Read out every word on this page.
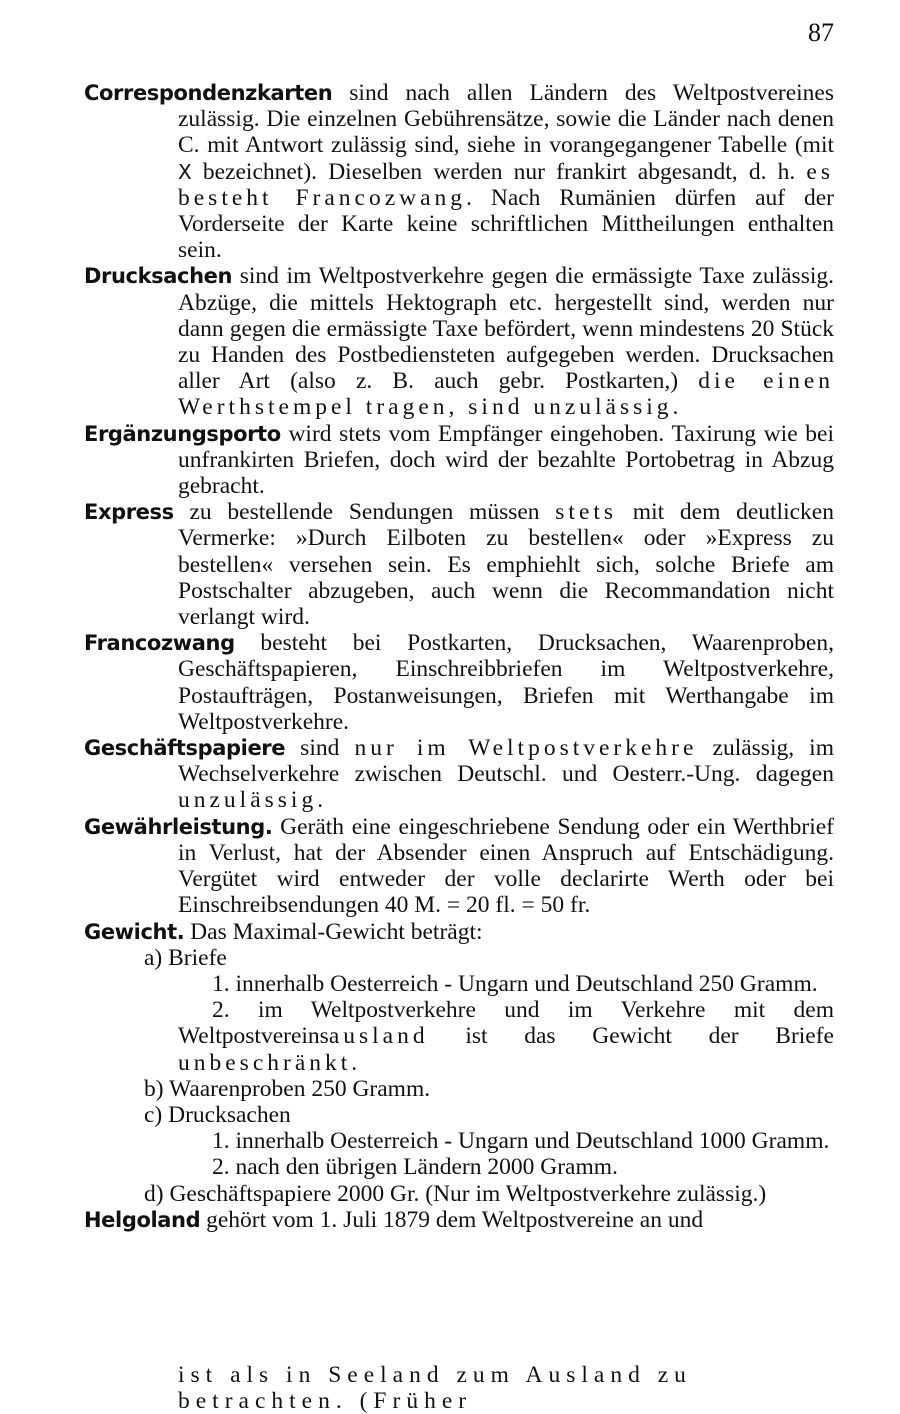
87

Correspondenzkarten sind nach allen Ländern des Weltpostvereines zulässig. Die einzelnen Gebührensätze, sowie die Länder nach denen C. mit Antwort zulässig sind, siehe in vorangegangener Tabelle (mit X bezeichnet). Dieselben werden nur frankirt abgesandt, d. h. es besteht Francozwang. Nach Rumänien dürfen auf der Vorderseite der Karte keine schriftlichen Mittheilungen enthalten sein.

Drucksachen sind im Weltpostverkehre gegen die ermässigte Taxe zulässig. Abzüge, die mittels Hektograph etc. hergestellt sind, werden nur dann gegen die ermässigte Taxe befördert, wenn mindestens 20 Stück zu Handen des Postbediensteten aufgegeben werden. Drucksachen aller Art (also z. B. auch gebr. Postkarten,) die einen Werthstempel tragen, sind unzulässig.

Ergänzungsporto wird stets vom Empfänger eingehoben. Taxirung wie bei unfrankirten Briefen, doch wird der bezahlte Portobetrag in Abzug gebracht.

Express zu bestellende Sendungen müssen stets mit dem deutlicken Vermerke: »Durch Eilboten zu bestellen« oder »Express zu bestellen« versehen sein. Es emphiehlt sich, solche Briefe am Postschalter abzugeben, auch wenn die Recommandation nicht verlangt wird.

Francozwang besteht bei Postkarten, Drucksachen, Waarenproben, Geschäftspapieren, Einschreibbriefen im Weltpostverkehre, Postaufträgen, Postanweisungen, Briefen mit Werthangabe im Weltpostverkehre.

Geschäftspapiere sind nur im Weltpostverkehre zulässig, im Wechselverkehre zwischen Deutschl. und Oesterr.-Ung. dagegen unzulässig.

Gewährleistung. Geräth eine eingeschriebene Sendung oder ein Werthbrief in Verlust, hat der Absender einen Anspruch auf Entschädigung. Vergütet wird entweder der volle declarirte Werth oder bei Einschreibsendungen 40 M. = 20 fl. = 50 fr.

Gewicht. Das Maximal-Gewicht beträgt:

a) Briefe

1. innerhalb Oesterreich - Ungarn und Deutschland 250 Gramm.

2. im Weltpostverkehre und im Verkehre mit dem Weltpostvereinsausland ist das Gewicht der Briefe unbeschränkt.

b) Waarenproben 250 Gramm.

c) Drucksachen

1. innerhalb Oesterreich - Ungarn und Deutschland 1000 Gramm.

2. nach den übrigen Ländern 2000 Gramm.

d) Geschäftspapiere 2000 Gr. (Nur im Weltpostverkehre zulässig.)

Helgoland gehört vom 1. Juli 1879 dem Weltpostvereine an und

ist als in Seeland zum Ausland zu betrachten. (Früher
